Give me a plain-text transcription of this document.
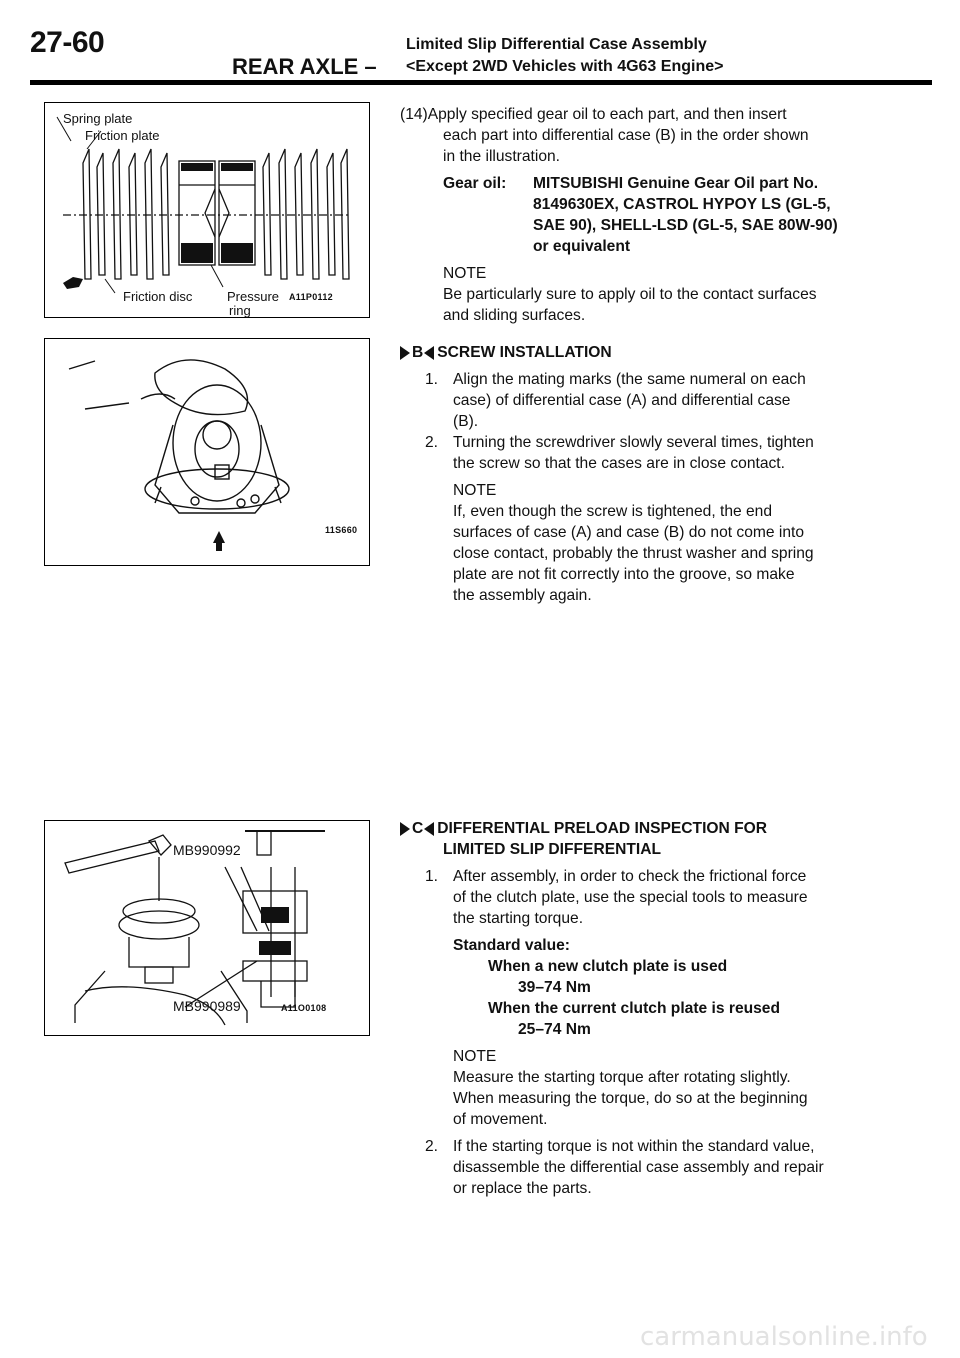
27-60
REAR AXLE –
Limited Slip Differential Case Assembly
<Except 2WD Vehicles with 4G63 Engine>
Spring plate
Friction plate
Friction disc	Pressure
ring
A11P0112
11S660
MB990992
MB990989	A11O0108
(14)Apply specified gear oil to each part, and then insert
each part into differential case (B) in the order shown
in the illustration.
Gear oil: MITSUBISHI Genuine Gear Oil part No.
8149630EX, CASTROL HYPOY LS (GL-5,
SAE 90), SHELL-LSD (GL-5, SAE 80W-90)
or equivalent
NOTE
Be particularly sure to apply oil to the contact surfaces
and sliding surfaces.
B SCREW INSTALLATION
1. Align the mating marks (the same numeral on each
case) of differential case (A) and differential case
(B).
2. Turning the screwdriver slowly several times, tighten
the screw so that the cases are in close contact.
NOTE
If, even though the screw is tightened, the end
surfaces of case (A) and case (B) do not come into
close contact, probably the thrust washer and spring
plate are not fit correctly into the groove, so make
the assembly again.
C DIFFERENTIAL PRELOAD INSPECTION FOR
LIMITED SLIP DIFFERENTIAL
1. After assembly, in order to check the frictional force
of the clutch plate, use the special tools to measure
the starting torque.
Standard value:
When a new clutch plate is used
39–74 Nm
When the current clutch plate is reused
25–74 Nm
NOTE
Measure the starting torque after rotating slightly.
When measuring the torque, do so at the beginning
of movement.
2. If the starting torque is not within the standard value,
disassemble the differential case assembly and repair
or replace the parts.
carmanualsonline.info
